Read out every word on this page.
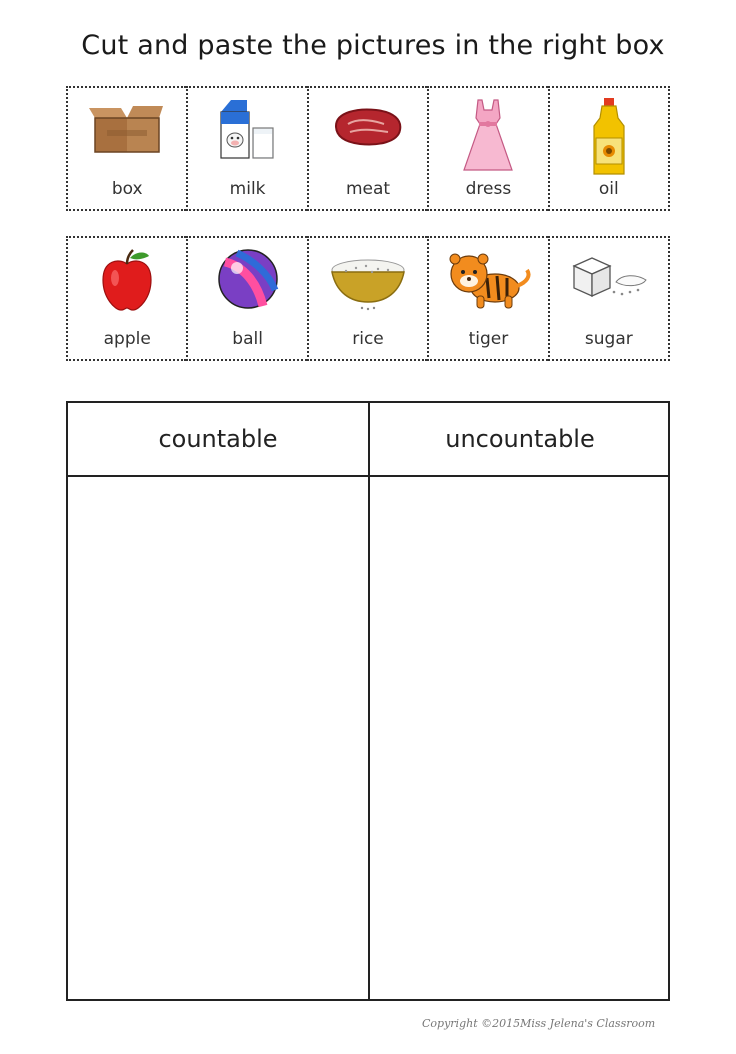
Cut and paste the pictures in the right box
box	milk	meat	dress	oil
apple	ball	rice	tiger	sugar
countable	uncountable
Copyright ©2015Miss Jelena's Classroom
